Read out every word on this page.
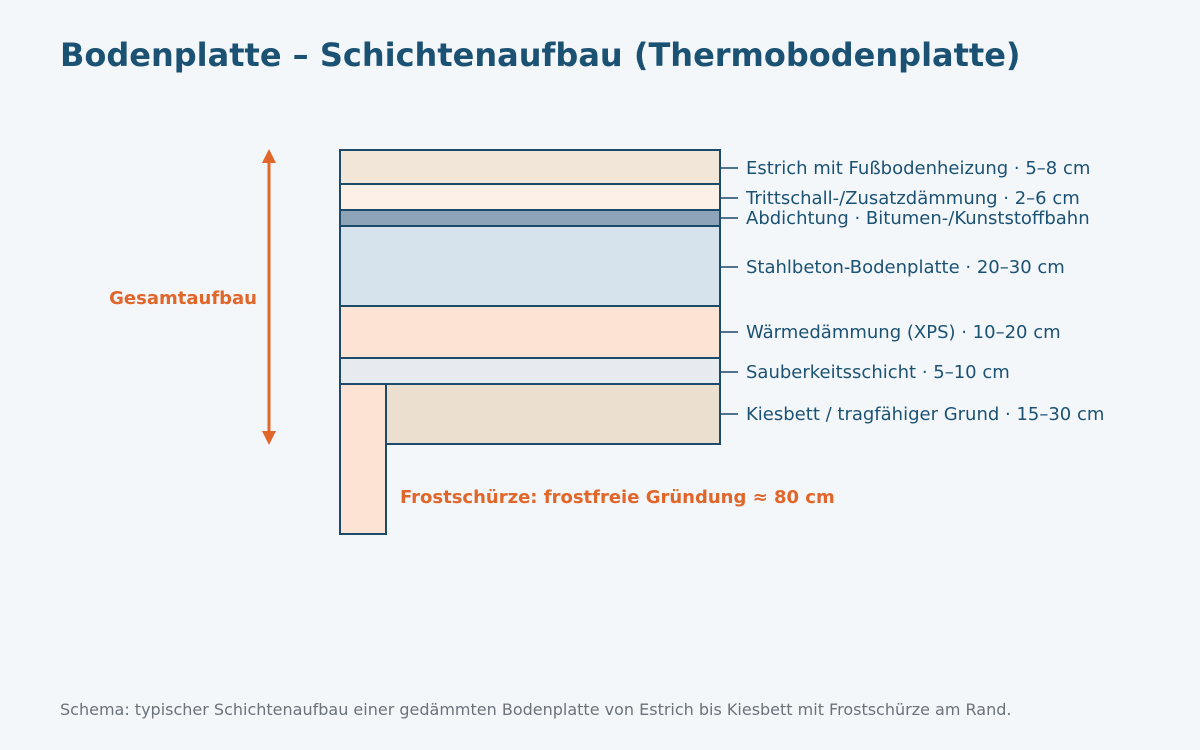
Estrich mit Fußbodenheizung · 5–8 cm
Trittschall-/Zusatzdämmung · 2–6 cm
Abdichtung · Bitumen-/Kunststoffbahn
Stahlbeton-Bodenplatte · 20–30 cm
Wärmedämmung (XPS) · 10–20 cm
Sauberkeitsschicht · 5–10 cm
Kiesbett / tragfähiger Grund · 15–30 cm
Gesamtaufbau
Frostschürze: frostfreie Gründung ≈ 80 cm
Bodenplatte – Schichtenaufbau (Thermobodenplatte)

Schema: typischer Schichtenaufbau einer gedämmten Bodenplatte von Estrich bis Kiesbett mit Frostschürze am Rand.
